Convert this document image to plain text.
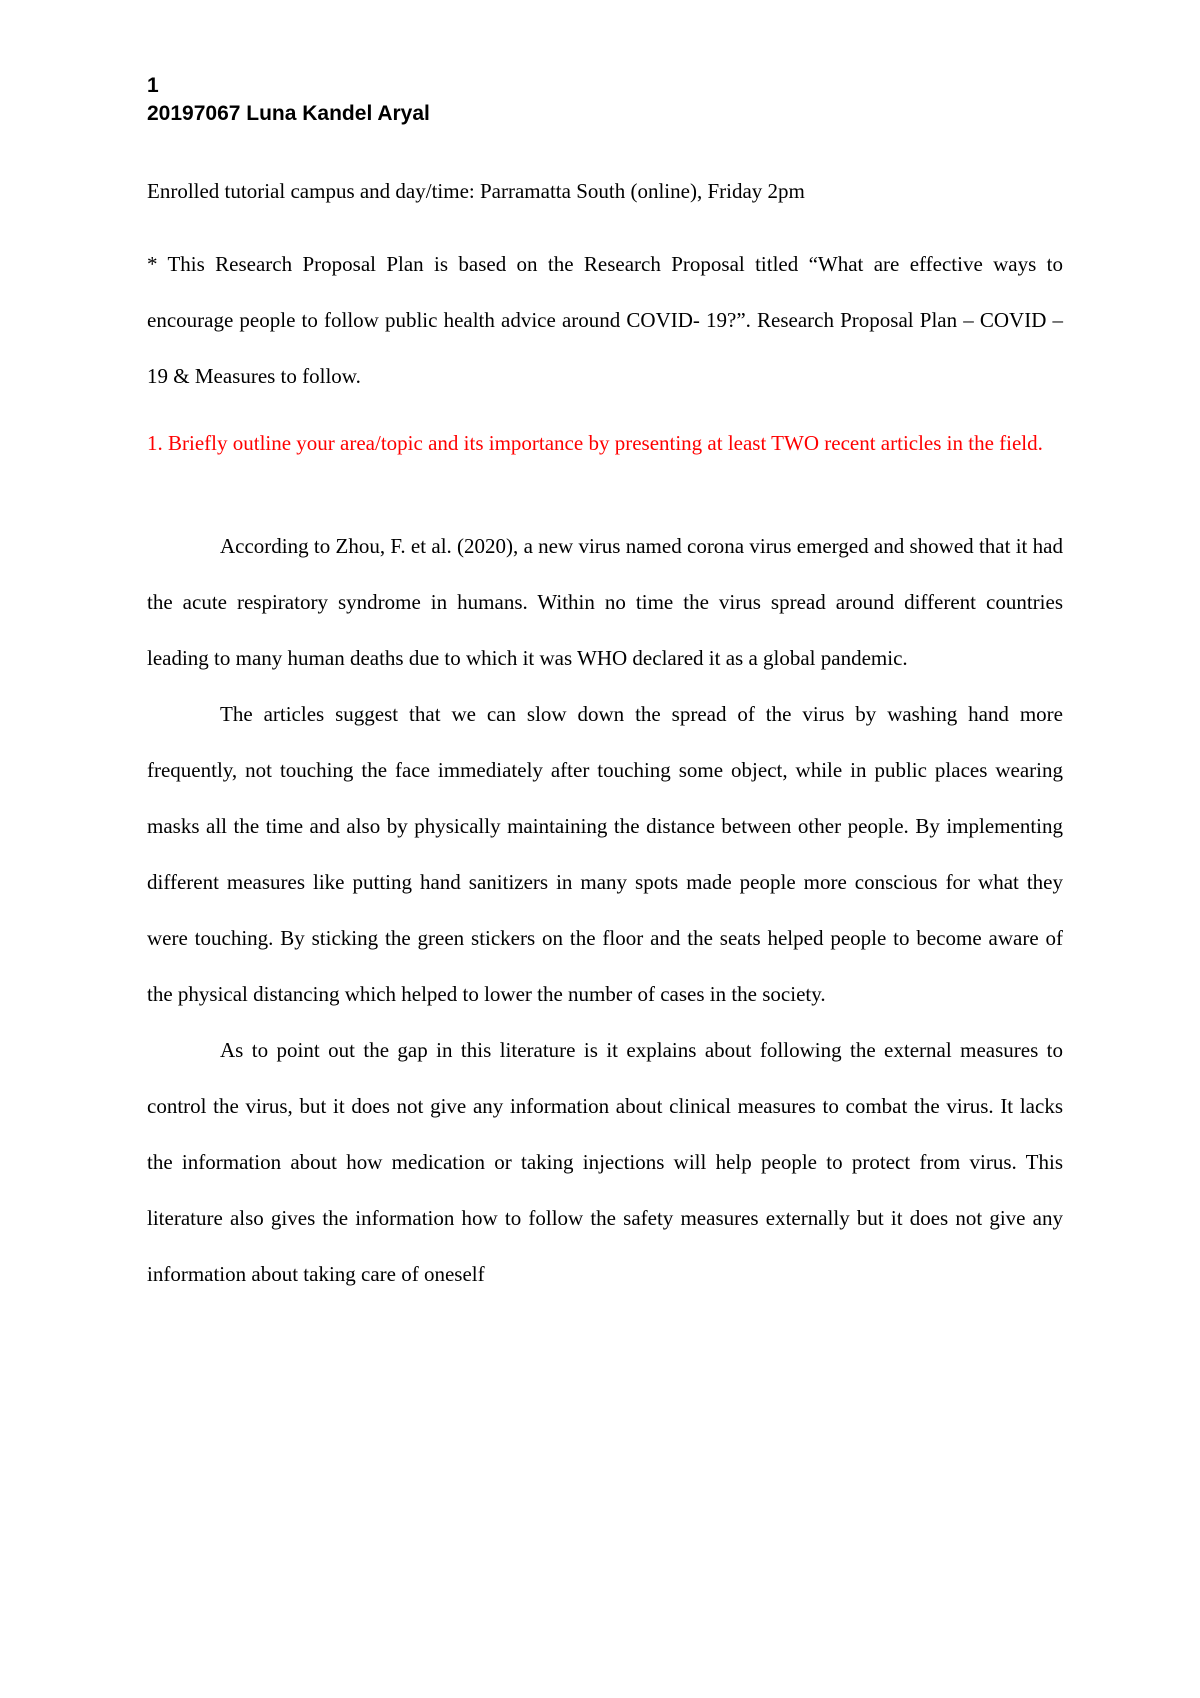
1
20197067 Luna Kandel Aryal

Enrolled tutorial campus and day/time: Parramatta South (online), Friday 2pm

* This Research Proposal Plan is based on the Research Proposal titled “What are effective ways to encourage people to follow public health advice around COVID- 19?”. Research Proposal Plan – COVID – 19 & Measures to follow.

1. Briefly outline your area/topic and its importance by presenting at least TWO recent articles in the field.

According to Zhou, F. et al. (2020), a new virus named corona virus emerged and showed that it had the acute respiratory syndrome in humans. Within no time the virus spread around different countries leading to many human deaths due to which it was WHO declared it as a global pandemic.

The articles suggest that we can slow down the spread of the virus by washing hand more frequently, not touching the face immediately after touching some object, while in public places wearing masks all the time and also by physically maintaining the distance between other people. By implementing different measures like putting hand sanitizers in many spots made people more conscious for what they were touching. By sticking the green stickers on the floor and the seats helped people to become aware of the physical distancing which helped to lower the number of cases in the society.

As to point out the gap in this literature is it explains about following the external measures to control the virus, but it does not give any information about clinical measures to combat the virus. It lacks the information about how medication or taking injections will help people to protect from virus. This literature also gives the information how to follow the safety measures externally but it does not give any information about taking care of oneself
